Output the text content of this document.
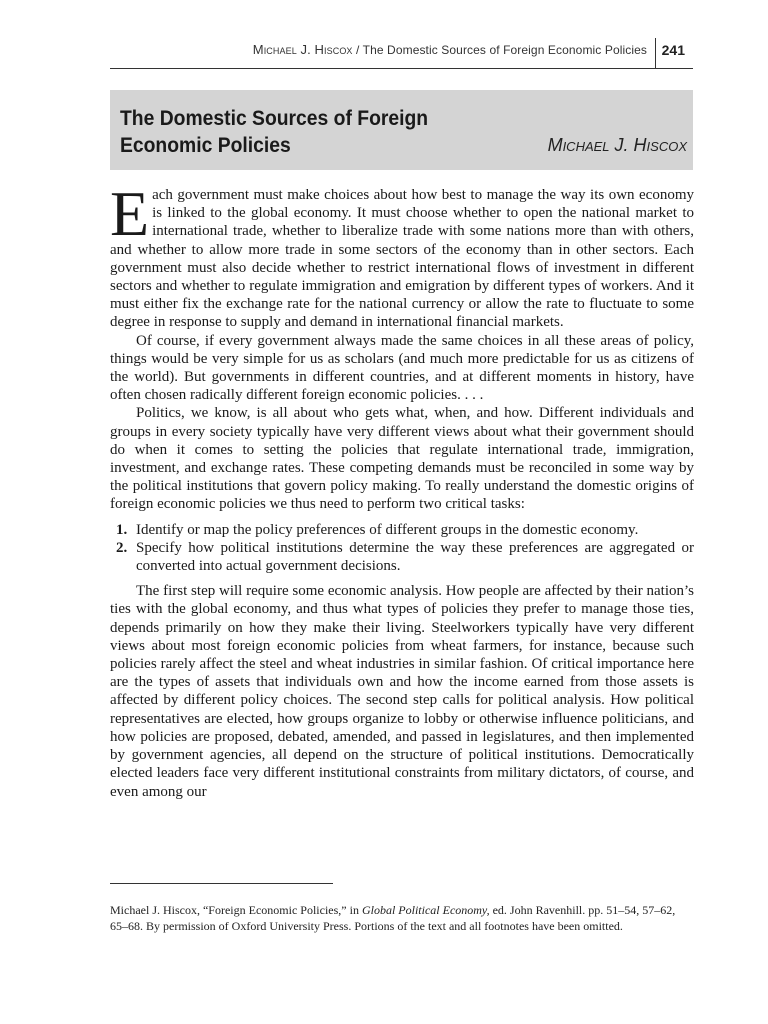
Michael J. Hiscox / The Domestic Sources of Foreign Economic Policies 241
The Domestic Sources of Foreign
Economic Policies	Michael J. Hiscox

Each government must make choices about how best to manage the way its own economy is linked to the global economy. It must choose whether to open the national market to international trade, whether to liberalize trade with some nations more than with others, and whether to allow more trade in some sectors of the economy than in other sectors. Each government must also decide whether to restrict international flows of investment in different sectors and whether to regulate immigration and emigration by different types of workers. And it must either fix the exchange rate for the national currency or allow the rate to fluctuate to some degree in response to supply and demand in international financial markets.

Of course, if every government always made the same choices in all these areas of policy, things would be very simple for us as scholars (and much more predictable for us as citizens of the world). But governments in different countries, and at different moments in history, have often chosen radically different foreign economic policies. . . .

Politics, we know, is all about who gets what, when, and how. Different individuals and groups in every society typically have very different views about what their government should do when it comes to setting the policies that regulate international trade, immigration, investment, and exchange rates. These competing demands must be reconciled in some way by the political institutions that govern policy making. To really understand the domestic origins of foreign economic policies we thus need to perform two critical tasks:

1. Identify or map the policy preferences of different groups in the domestic economy.
2. Specify how political institutions determine the way these preferences are aggregated or converted into actual government decisions.

The first step will require some economic analysis. How people are affected by their nation’s ties with the global economy, and thus what types of policies they prefer to manage those ties, depends primarily on how they make their living. Steelworkers typically have very different views about most foreign economic policies from wheat farmers, for instance, because such policies rarely affect the steel and wheat industries in similar fashion. Of critical importance here are the types of assets that individuals own and how the income earned from those assets is affected by different policy choices. The second step calls for political analysis. How political representatives are elected, how groups organize to lobby or otherwise influence politicians, and how policies are proposed, debated, amended, and passed in legislatures, and then implemented by government agencies, all depend on the structure of political institutions. Democratically elected leaders face very different institutional constraints from military dictators, of course, and even among our

Michael J. Hiscox, “Foreign Economic Policies,” in Global Political Economy, ed. John Ravenhill. pp. 51–54, 57–62, 65–68. By permission of Oxford University Press. Portions of the text and all footnotes have been omitted.
